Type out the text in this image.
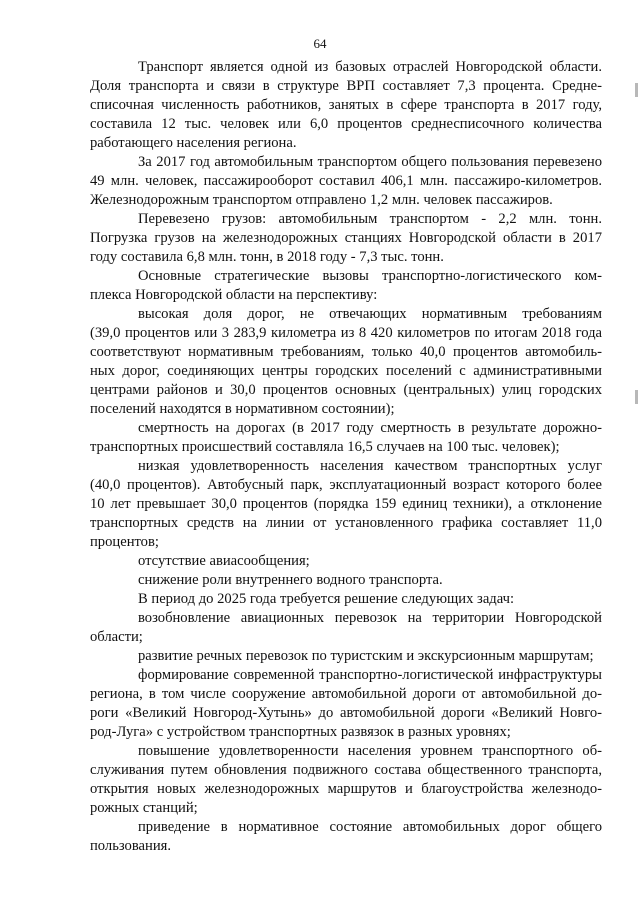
64
Транспорт является одной из базовых отраслей Новгородской области.
Доля транспорта и связи в структуре ВРП составляет 7,3 процента. Средне-
списочная численность работников, занятых в сфере транспорта в 2017 году,
составила 12 тыс. человек или 6,0 процентов среднесписочного количества
работающего населения региона.
За 2017 год автомобильным транспортом общего пользования перевезено
49 млн. человек, пассажирооборот составил 406,1 млн. пассажиро-километров.
Железнодорожным транспортом отправлено 1,2 млн. человек пассажиров.
Перевезено грузов: автомобильным транспортом - 2,2 млн. тонн.
Погрузка грузов на железнодорожных станциях Новгородской области в 2017
году составила 6,8 млн. тонн, в 2018 году - 7,3 тыс. тонн.
Основные стратегические вызовы транспортно-логистического ком-
плекса Новгородской области на перспективу:
высокая доля дорог, не отвечающих нормативным требованиям
(39,0 процентов или 3 283,9 километра из 8 420 километров по итогам 2018 года
соответствуют нормативным требованиям, только 40,0 процентов автомобиль-
ных дорог, соединяющих центры городских поселений с административными
центрами районов и 30,0 процентов основных (центральных) улиц городских
поселений находятся в нормативном состоянии);
смертность на дорогах (в 2017 году смертность в результате дорожно-
транспортных происшествий составляла 16,5 случаев на 100 тыс. человек);
низкая удовлетворенность населения качеством транспортных услуг
(40,0 процентов). Автобусный парк, эксплуатационный возраст которого более
10 лет превышает 30,0 процентов (порядка 159 единиц техники), а отклонение
транспортных средств на линии от установленного графика составляет 11,0
процентов;
отсутствие авиасообщения;
снижение роли внутреннего водного транспорта.
В период до 2025 года требуется решение следующих задач:
возобновление авиационных перевозок на территории Новгородской
области;
развитие речных перевозок по туристским и экскурсионным маршрутам;
формирование современной транспортно-логистической инфраструктуры
региона, в том числе сооружение автомобильной дороги от автомобильной до-
роги «Великий Новгород-Хутынь» до автомобильной дороги «Великий Новго-
род-Луга» с устройством транспортных развязок в разных уровнях;
повышение удовлетворенности населения уровнем транспортного об-
служивания путем обновления подвижного состава общественного транспорта,
открытия новых железнодорожных маршрутов и благоустройства железнодо-
рожных станций;
приведение в нормативное состояние автомобильных дорог общего
пользования.
